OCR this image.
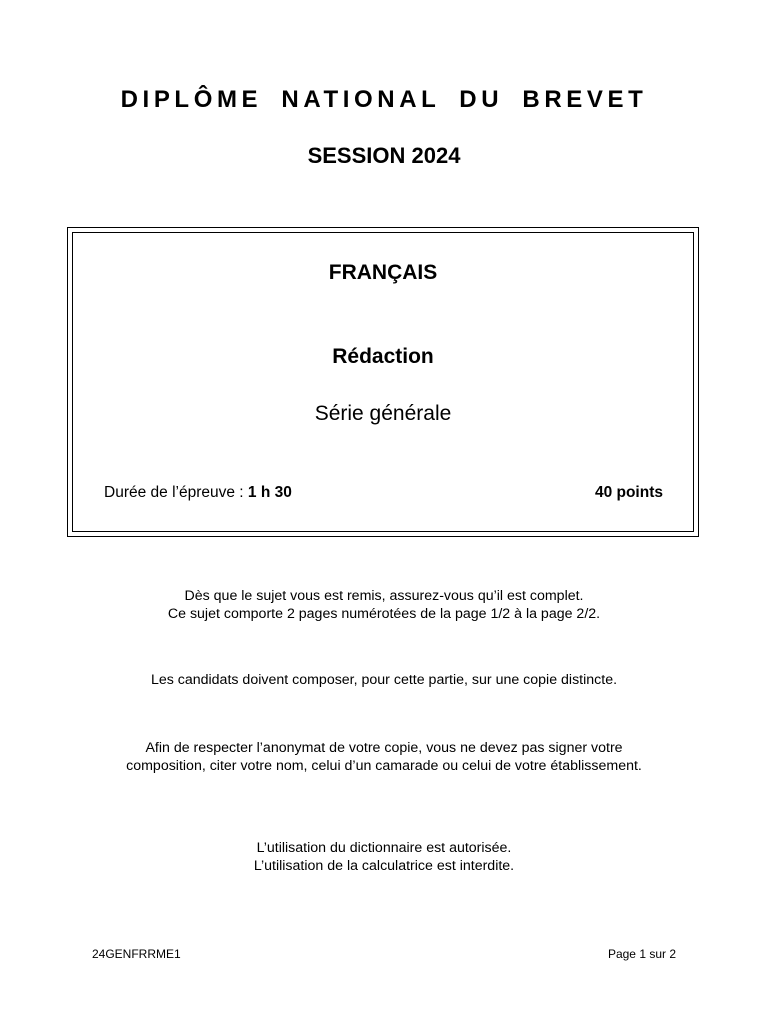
DIPLÔME NATIONAL DU BREVET
SESSION 2024
FRANÇAIS
Rédaction
Série générale
Durée de l’épreuve : 1 h 30	40 points
Dès que le sujet vous est remis, assurez-vous qu’il est complet.
Ce sujet comporte 2 pages numérotées de la page 1/2 à la page 2/2.
Les candidats doivent composer, pour cette partie, sur une copie distincte.
Afin de respecter l’anonymat de votre copie, vous ne devez pas signer votre
composition, citer votre nom, celui d’un camarade ou celui de votre établissement.
L’utilisation du dictionnaire est autorisée.
L’utilisation de la calculatrice est interdite.
24GENFRRME1	Page 1 sur 2
